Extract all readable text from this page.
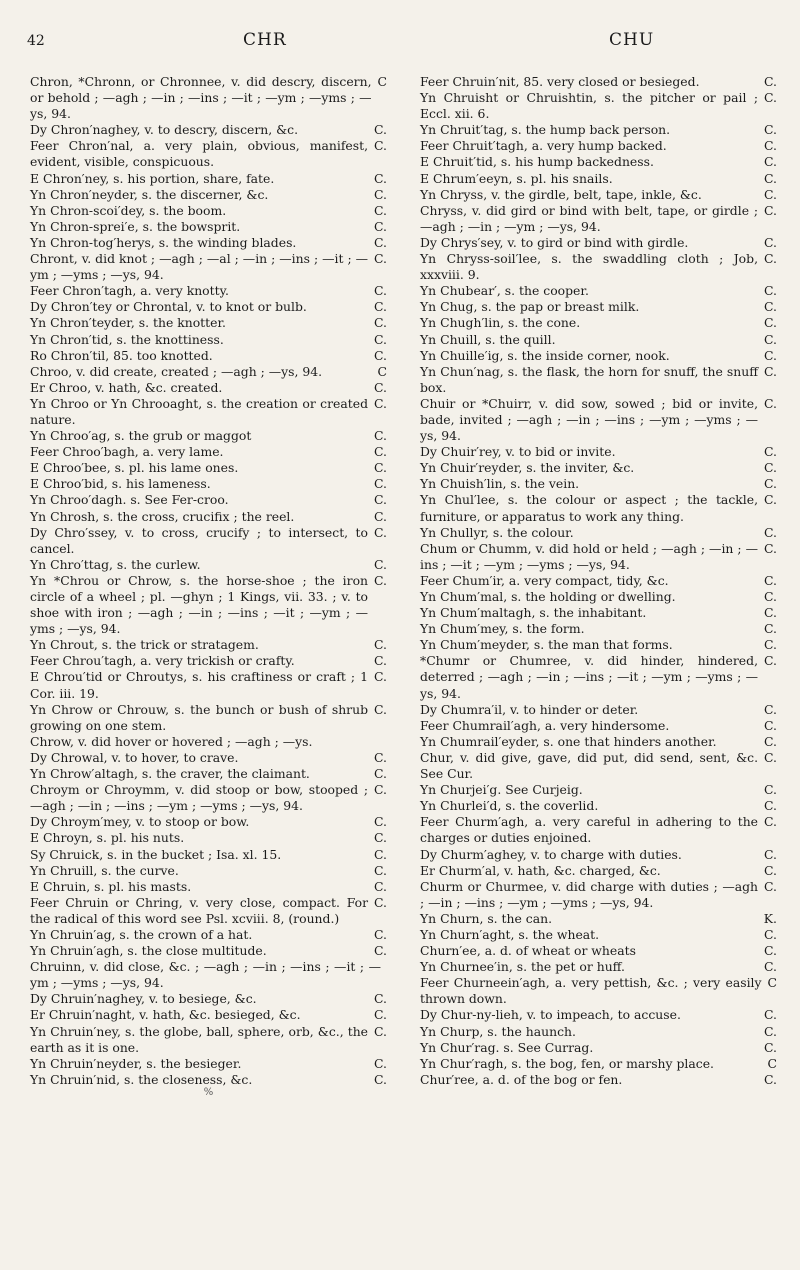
42	CHR	CHU

Chron, *Chronn, or Chronnee, v. did descry, discern, or behold ; —agh ; —in ; —ins ; —it ; —ym ; —yms ; —ys, 94.
C

Dy Chron′naghey, v. to descry, discern, &c.	C.

Feer Chron′nal, a. very plain, obvious, manifest, evident, visible, conspicuous.
C.

E Chron′ney, s. his portion, share, fate.	C.

Yn Chron′neyder, s. the discerner, &c.	C.

Yn Chron-scoi′dey, s. the boom.	C.

Yn Chron-sprei′e, s. the bowsprit.	C.

Yn Chron-tog′herys, s. the winding blades.	C.

Chront, v. did knot ; —agh ; —al ; —in ; —ins ; —it ; —ym ; —yms ; —ys, 94.
C.

Feer Chron′tagh, a. very knotty.	C.

Dy Chron′tey or Chrontal, v. to knot or bulb.	C.

Yn Chron′teyder, s. the knotter.	C.

Yn Chron′tid, s. the knottiness.	C.

Ro Chron′til, 85. too knotted.	C.

Chroo, v. did create, created ; —agh ; —ys, 94.	C

Er Chroo, v. hath, &c. created.	C.

Yn Chroo or Yn Chrooaght, s. the creation or created nature.
C.

Yn Chroo′ag, s. the grub or maggot	C.

Feer Chroo′bagh, a. very lame.	C.

E Chroo′bee, s. pl. his lame ones.	C.

E Chroo′bid, s. his lameness.	C.

Yn Chroo′dagh. s. See Fer-croo.	C.

Yn Chrosh, s. the cross, crucifix ; the reel.	C.

Dy Chro′ssey, v. to cross, crucify ; to intersect, to cancel.
C.

Yn Chro′ttag, s. the curlew.	C.

Yn *Chrou or Chrow, s. the horse-shoe ; the iron circle of a wheel ; pl. —ghyn ; 1 Kings, vii. 33. ; v. to shoe with iron ; —agh ; —in ; —ins ; —it ; —ym ; —yms ; —ys, 94.
C.

Yn Chrout, s. the trick or stratagem.	C.

Feer Chrou′tagh, a. very trickish or crafty.	C.

E Chrou′tid or Chroutys, s. his craftiness or craft ; 1 Cor. iii. 19.
C.

Yn Chrow or Chrouw, s. the bunch or bush of shrub growing on one stem.
C.

Chrow, v. did hover or hovered ; —agh ; —ys.

Dy Chrowal, v. to hover, to crave.	C.

Yn Chrow′altagh, s. the craver, the claimant.	C.

Chroym or Chroymm, v. did stoop or bow, stooped ; —agh ; —in ; —ins ; —ym ; —yms ; —ys, 94.
C.

Dy Chroym′mey, v. to stoop or bow.	C.

E Chroyn, s. pl. his nuts.	C.

Sy Chruick, s. in the bucket ; Isa. xl. 15.	C.

Yn Chruill, s. the curve.	C.

E Chruin, s. pl. his masts.	C.

Feer Chruin or Chring, v. very close, compact. For the radical of this word see Psl. xcviii. 8, (round.)
C.

Yn Chruin′ag, s. the crown of a hat.	C.

Yn Chruin′agh, s. the close multitude.	C.

Chruinn, v. did close, &c. ; —agh ; —in ; —ins ; —it ; —ym ; —yms ; —ys, 94.

Dy Chruin′naghey, v. to besiege, &c.	C.

Er Chruin′naght, v. hath, &c. besieged, &c.	C.

Yn Chruin′ney, s. the globe, ball, sphere, orb, &c., the earth as it is one.
C.

Yn Chruin′neyder, s. the besieger.	C.

Yn Chruin′nid, s. the closeness, &c.	C.

%

Feer Chruin′nit, 85. very closed or besieged.	C.

Yn Chruisht or Chruishtin, s. the pitcher or pail ; Eccl. xii. 6.
C.

Yn Chruit′tag, s. the hump back person.	C.

Feer Chruit′tagh, a. very hump backed.	C.

E Chruit′tid, s. his hump backedness.	C.

E Chrum′eeyn, s. pl. his snails.	C.

Yn Chryss, v. the girdle, belt, tape, inkle, &c.	C.

Chryss, v. did gird or bind with belt, tape, or girdle ; —agh ; —in ; —ym ; —ys, 94.
C.

Dy Chrys′sey, v. to gird or bind with girdle.	C.

Yn Chryss-soil′lee, s. the swaddling cloth ; Job, xxxviii. 9.
C.

Yn Chubear′, s. the cooper.	C.

Yn Chug, s. the pap or breast milk.	C.

Yn Chugh′lin, s. the cone.	C.

Yn Chuill, s. the quill.	C.

Yn Chuille′ig, s. the inside corner, nook.	C.

Yn Chun′nag, s. the flask, the horn for snuff, the snuff box.
C.

Chuir or *Chuirr, v. did sow, sowed ; bid or invite, bade, invited ; —agh ; —in ; —ins ; —ym ; —yms ; —ys, 94.
C.

Dy Chuir′rey, v. to bid or invite.	C.

Yn Chuir′reyder, s. the inviter, &c.	C.

Yn Chuish′lin, s. the vein.	C.

Yn Chul′lee, s. the colour or aspect ; the tackle, furniture, or apparatus to work any thing.
C.

Yn Chullyr, s. the colour.	C.

Chum or Chumm, v. did hold or held ; —agh ; —in ; —ins ; —it ; —ym ; —yms ; —ys, 94.
C.

Feer Chum′ir, a. very compact, tidy, &c.	C.

Yn Chum′mal, s. the holding or dwelling.	C.

Yn Chum′maltagh, s. the inhabitant.	C.

Yn Chum′mey, s. the form.	C.

Yn Chum′meyder, s. the man that forms.	C.

*Chumr or Chumree, v. did hinder, hindered, deterred ; —agh ; —in ; —ins ; —it ; —ym ; —yms ; —ys, 94.
C.

Dy Chumra′il, v. to hinder or deter.	C.

Feer Chumrail′agh, a. very hindersome.	C.

Yn Chumrail′eyder, s. one that hinders another.	C.

Chur, v. did give, gave, did put, did send, sent, &c. See Cur.
C.

Yn Churjei′g. See Curjeig.	C.

Yn Churlei′d, s. the coverlid.	C.

Feer Churm′agh, a. very careful in adhering to the charges or duties enjoined.
C.

Dy Churm′aghey, v. to charge with duties.	C.

Er Churm′al, v. hath, &c. charged, &c.	C.

Churm or Churmee, v. did charge with duties ; —agh ; —in ; —ins ; —ym ; —yms ; —ys, 94.
C.

Yn Churn, s. the can.	K.

Yn Churn′aght, s. the wheat.	C.

Churn′ee, a. d. of wheat or wheats	C.

Yn Churnee′in, s. the pet or huff.	C.

Feer Churneein′agh, a. very pettish, &c. ; very easily thrown down.
C

Dy Chur-ny-lieh, v. to impeach, to accuse.	C.

Yn Churp, s. the haunch.	C.

Yn Chur′rag. s. See Currag.	C.

Yn Chur′ragh, s. the bog, fen, or marshy place.	C

Chur′ree, a. d. of the bog or fen.	C.
